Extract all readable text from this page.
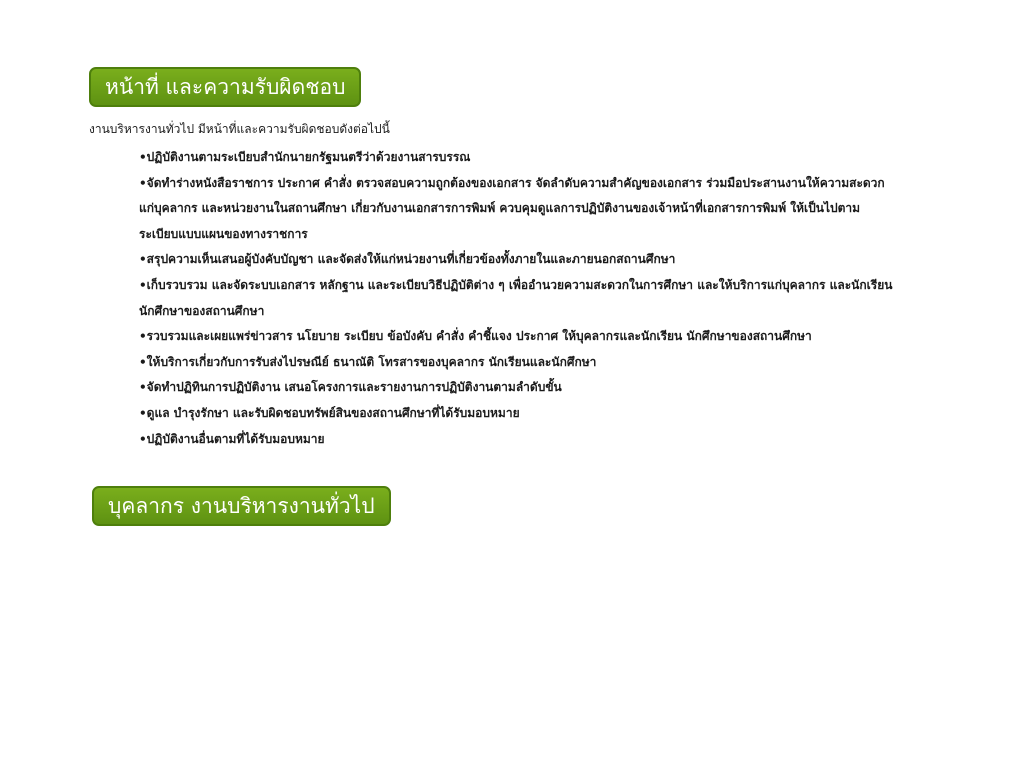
หน้าที่ และความรับผิดชอบ
งานบริหารงานทั่วไป มีหน้าที่และความรับผิดชอบดังต่อไปนี้
•ปฏิบัติงานตามระเบียบสำนักนายกรัฐมนตรีว่าด้วยงานสารบรรณ
•จัดทำร่างหนังสือราชการ ประกาศ คำสั่ง ตรวจสอบความถูกต้องของเอกสาร จัดลำดับความสำคัญของเอกสาร ร่วมมือประสานงานให้ความสะดวกแก่บุคลากร และหน่วยงานในสถานศึกษา เกี่ยวกับงานเอกสารการพิมพ์ ควบคุมดูแลการปฏิบัติงานของเจ้าหน้าที่เอกสารการพิมพ์ ให้เป็นไปตามระเบียบแบบแผนของทางราชการ
•สรุปความเห็นเสนอผู้บังคับบัญชา และจัดส่งให้แก่หน่วยงานที่เกี่ยวข้องทั้งภายในและภายนอกสถานศึกษา
•เก็บรวบรวม และจัดระบบเอกสาร หลักฐาน และระเบียบวิธีปฏิบัติต่าง ๆ เพื่ออำนวยความสะดวกในการศึกษา และให้บริการแก่บุคลากร และนักเรียน นักศึกษาของสถานศึกษา
•รวบรวมและเผยแพร่ข่าวสาร นโยบาย ระเบียบ ข้อบังคับ คำสั่ง คำชี้แจง ประกาศ ให้บุคลากรและนักเรียน นักศึกษาของสถานศึกษา
•ให้บริการเกี่ยวกับการรับส่งไปรษณีย์ ธนาณัติ โทรสารของบุคลากร นักเรียนและนักศึกษา
•จัดทำปฏิทินการปฏิบัติงาน เสนอโครงการและรายงานการปฏิบัติงานตามลำดับขั้น
•ดูแล บำรุงรักษา และรับผิดชอบทรัพย์สินของสถานศึกษาที่ได้รับมอบหมาย
•ปฏิบัติงานอื่นตามที่ได้รับมอบหมาย
บุคลากร งานบริหารงานทั่วไป
